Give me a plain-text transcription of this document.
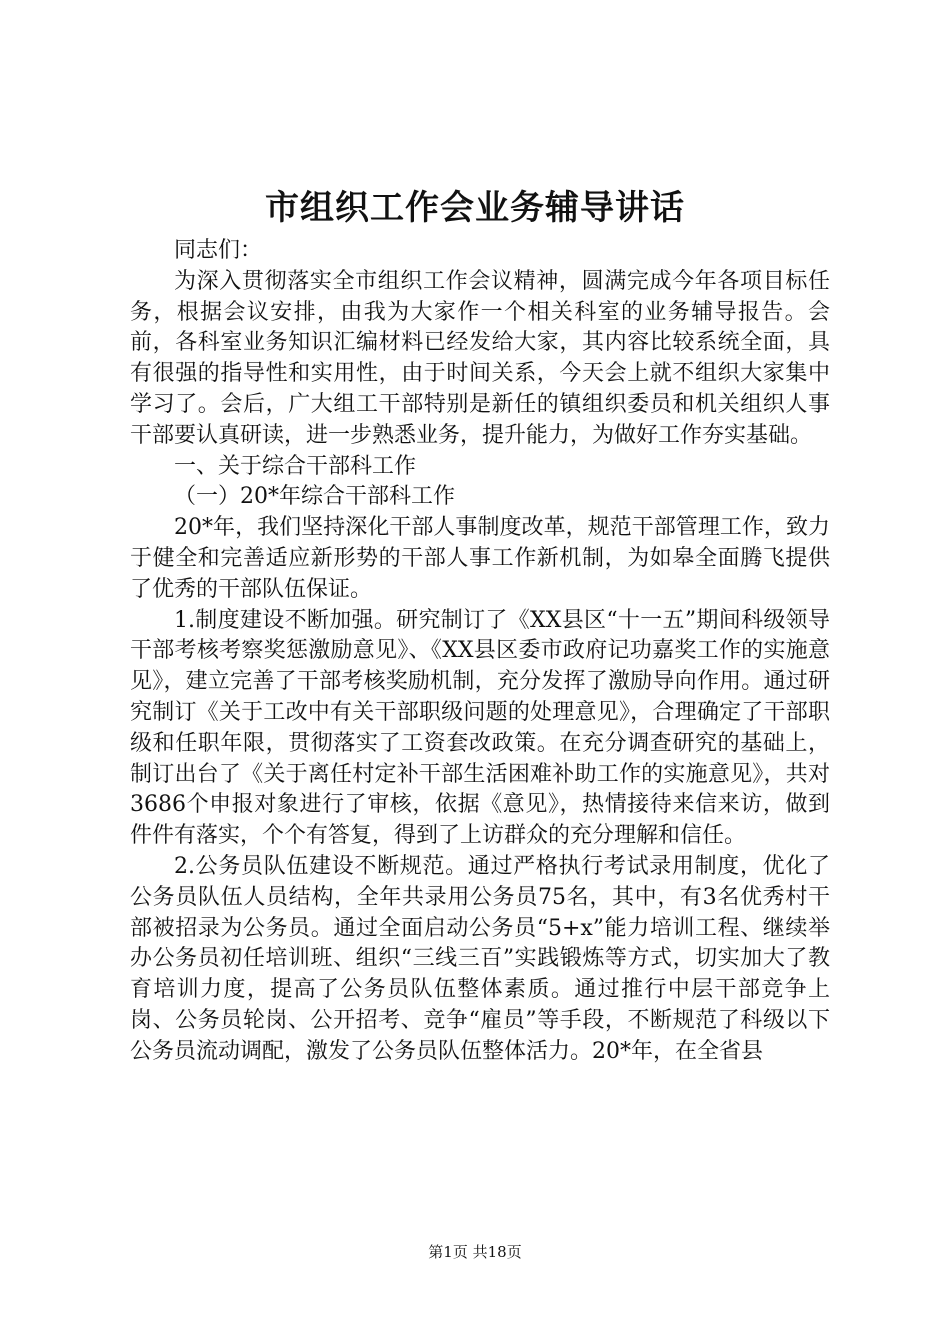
市组织工作会业务辅导讲话

同志们：

为深入贯彻落实全市组织工作会议精神，圆满完成今年各项目标任务，根据会议安排，由我为大家作一个相关科室的业务辅导报告。会前，各科室业务知识汇编材料已经发给大家，其内容比较系统全面，具有很强的指导性和实用性，由于时间关系，今天会上就不组织大家集中学习了。会后，广大组工干部特别是新任的镇组织委员和机关组织人事干部要认真研读，进一步熟悉业务，提升能力，为做好工作夯实基础。

一、关于综合干部科工作

（一）20*年综合干部科工作

20*年，我们坚持深化干部人事制度改革，规范干部管理工作，致力于健全和完善适应新形势的干部人事工作新机制，为如皋全面腾飞提供了优秀的干部队伍保证。

1.制度建设不断加强。研究制订了《XX县区“十一五”期间科级领导干部考核考察奖惩激励意见》、《XX县区委市政府记功嘉奖工作的实施意见》，建立完善了干部考核奖励机制，充分发挥了激励导向作用。通过研究制订《关于工改中有关干部职级问题的处理意见》，合理确定了干部职级和任职年限，贯彻落实了工资套改政策。在充分调查研究的基础上，制订出台了《关于离任村定补干部生活困难补助工作的实施意见》，共对3686个申报对象进行了审核，依据《意见》，热情接待来信来访，做到件件有落实，个个有答复，得到了上访群众的充分理解和信任。

2.公务员队伍建设不断规范。通过严格执行考试录用制度，优化了公务员队伍人员结构，全年共录用公务员75名，其中，有3名优秀村干部被招录为公务员。通过全面启动公务员“5+x”能力培训工程、继续举办公务员初任培训班、组织“三线三百”实践锻炼等方式，切实加大了教育培训力度，提高了公务员队伍整体素质。通过推行中层干部竞争上岗、公务员轮岗、公开招考、竞争“雇员”等手段，不断规范了科级以下公务员流动调配，激发了公务员队伍整体活力。20*年，在全省县

第1页 共18页
